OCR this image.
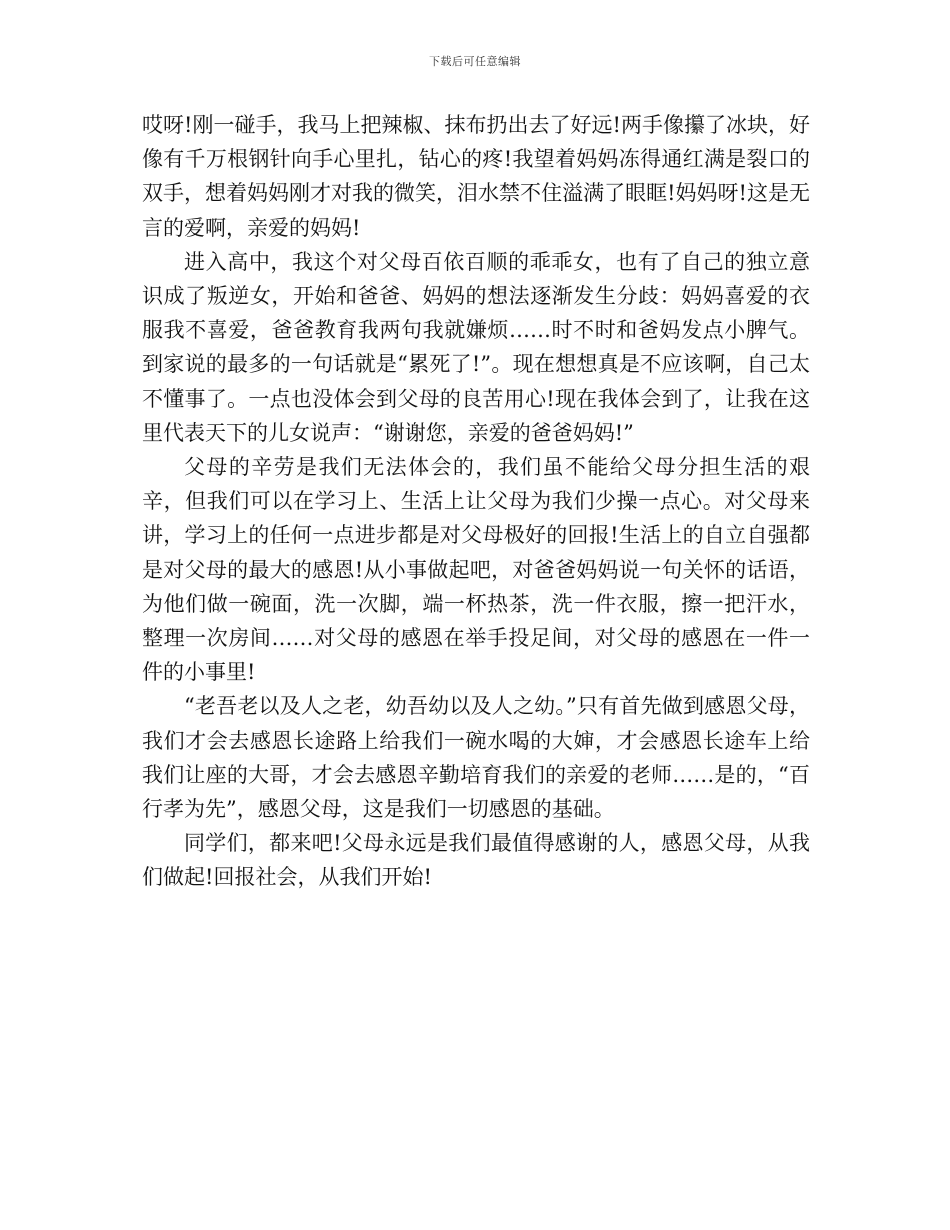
下载后可任意编辑

哎呀!刚一碰手，我马上把辣椒、抹布扔出去了好远!两手像攥了冰块，好像有千万根钢针向手心里扎，钻心的疼!我望着妈妈冻得通红满是裂口的双手，想着妈妈刚才对我的微笑，泪水禁不住溢满了眼眶!妈妈呀!这是无言的爱啊，亲爱的妈妈!

进入高中，我这个对父母百依百顺的乖乖女，也有了自己的独立意识成了叛逆女，开始和爸爸、妈妈的想法逐渐发生分歧：妈妈喜爱的衣服我不喜爱，爸爸教育我两句我就嫌烦……时不时和爸妈发点小脾气。到家说的最多的一句话就是“累死了!”。现在想想真是不应该啊，自己太不懂事了。一点也没体会到父母的良苦用心!现在我体会到了，让我在这里代表天下的儿女说声：“谢谢您，亲爱的爸爸妈妈!”

父母的辛劳是我们无法体会的，我们虽不能给父母分担生活的艰辛，但我们可以在学习上、生活上让父母为我们少操一点心。对父母来讲，学习上的任何一点进步都是对父母极好的回报!生活上的自立自强都是对父母的最大的感恩!从小事做起吧，对爸爸妈妈说一句关怀的话语，为他们做一碗面，洗一次脚，端一杯热茶，洗一件衣服，擦一把汗水，整理一次房间……对父母的感恩在举手投足间，对父母的感恩在一件一件的小事里!

“老吾老以及人之老，幼吾幼以及人之幼。”只有首先做到感恩父母，我们才会去感恩长途路上给我们一碗水喝的大婶，才会感恩长途车上给我们让座的大哥，才会去感恩辛勤培育我们的亲爱的老师……是的，“百行孝为先”，感恩父母，这是我们一切感恩的基础。

同学们，都来吧!父母永远是我们最值得感谢的人，感恩父母，从我们做起!回报社会，从我们开始!
